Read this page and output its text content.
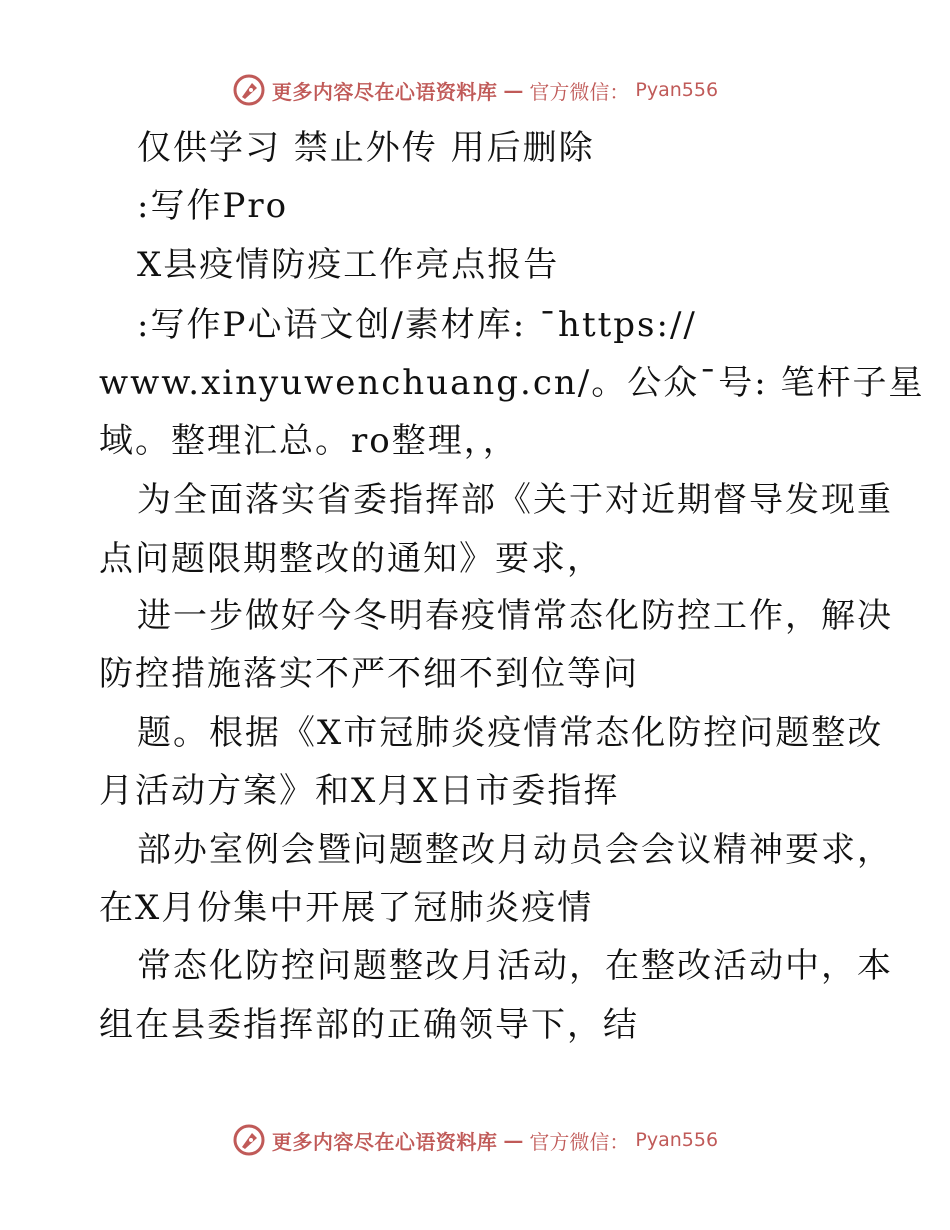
更多内容尽在心语资料库 — 官方微信： Pyan556
仅供学习 禁止外传 用后删除
:写作Pro
X县疫情防疫工作亮点报告
:写作P心语文创/素材库: ¯https://
www.xinyuwenchuang.cn/。公众¯号: 笔杆子星
域。整理汇总。ro整理，，
为全面落实省委指挥部《关于对近期督导发现重
点问题限期整改的通知》要求，
进一步做好今冬明春疫情常态化防控工作，解决
防控措施落实不严不细不到位等问
题。根据《X市冠肺炎疫情常态化防控问题整改
月活动方案》和X月X日市委指挥
部办室例会暨问题整改月动员会会议精神要求，
在X月份集中开展了冠肺炎疫情
常态化防控问题整改月活动，在整改活动中，本
组在县委指挥部的正确领导下，结
更多内容尽在心语资料库 — 官方微信： Pyan556
